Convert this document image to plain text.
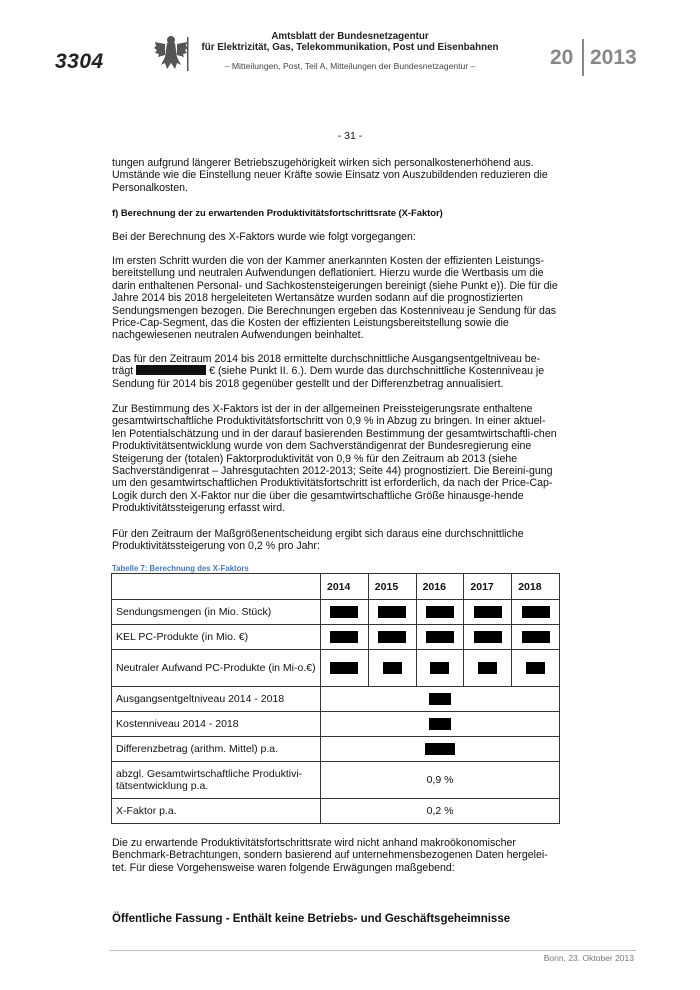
3304
Amtsblatt der Bundesnetzagentur
für Elektrizität, Gas, Telekommunikation, Post und Eisenbahnen
– Mitteilungen, Post, Teil A, Mitteilungen der Bundesnetzagentur –	20 2013
- 31 -

tungen aufgrund längerer Betriebszugehörigkeit wirken sich personalkostenerhöhend aus. Umstände wie die Einstellung neuer Kräfte sowie Einsatz von Auszubildenden reduzieren die Personalkosten.

f) Berechnung der zu erwartenden Produktivitätsfortschrittsrate (X-Faktor)

Bei der Berechnung des X-Faktors wurde wie folgt vorgegangen:

Im ersten Schritt wurden die von der Kammer anerkannten Kosten der effizienten Leistungs-bereitstellung und neutralen Aufwendungen deflationiert. Hierzu wurde die Wertbasis um die darin enthaltenen Personal- und Sachkostensteigerungen bereinigt (siehe Punkt e)). Die für die Jahre 2014 bis 2018 hergeleiteten Wertansätze wurden sodann auf die prognostizierten Sendungsmengen bezogen. Die Berechnungen ergeben das Kostenniveau je Sendung für das Price-Cap-Segment, das die Kosten der effizienten Leistungsbereitstellung sowie die nachgewiesenen neutralen Aufwendungen beinhaltet.

Das für den Zeitraum 2014 bis 2018 ermittelte durchschnittliche Ausgangsentgeltniveau be-trägt	€ (siehe Punkt II. 6.). Dem wurde das durchschnittliche Kostenniveau je Sendung für 2014 bis 2018 gegenüber gestellt und der Differenzbetrag annualisiert.

Zur Bestimmung des X-Faktors ist der in der allgemeinen Preissteigerungsrate enthaltene gesamtwirtschaftliche Produktivitätsfortschritt von 0,9 % in Abzug zu bringen. In einer aktuel-len Potentialschätzung und in der darauf basierenden Bestimmung der gesamtwirtschaftli-chen Produktivitätsentwicklung wurde von dem Sachverständigenrat der Bundesregierung eine Steigerung der (totalen) Faktorproduktivität von 0,9 % für den Zeitraum ab 2013 (siehe Sachverständigenrat – Jahresgutachten 2012-2013; Seite 44) prognostiziert. Die Bereini-gung um den gesamtwirtschaftlichen Produktivitätsfortschritt ist erforderlich, da nach der Price-Cap-Logik durch den X-Faktor nur die über die gesamtwirtschaftliche Größe hinausge-hende Produktivitätssteigerung erfasst wird.

Für den Zeitraum der Maßgrößenentscheidung ergibt sich daraus eine durchschnittliche Produktivitätssteigerung von 0,2 % pro Jahr:

Tabelle 7: Berechnung des X-Faktors
	2014	2015	2016	2017	2018
Sendungsmengen (in Mio. Stück)					
KEL PC-Produkte (in Mio. €)					
Neutraler Aufwand PC-Produkte (in Mi-o.€)					
Ausgangsentgeltniveau 2014 - 2018					
Kostenniveau 2014 - 2018					
Differenzbetrag (arithm. Mittel) p.a.					
abzgl. Gesamtwirtschaftliche Produktivi-tätsentwicklung p.a.	0,9 %				
X-Faktor p.a.	0,2 %				

Die zu erwartende Produktivitätsfortschrittsrate wird nicht anhand makroökonomischer Benchmark-Betrachtungen, sondern basierend auf unternehmensbezogenen Daten hergelei-tet. Für diese Vorgehensweise waren folgende Erwägungen maßgebend:

Öffentliche Fassung - Enthält keine Betriebs- und Geschäftsgeheimnisse
Bonn, 23. Oktober 2013
